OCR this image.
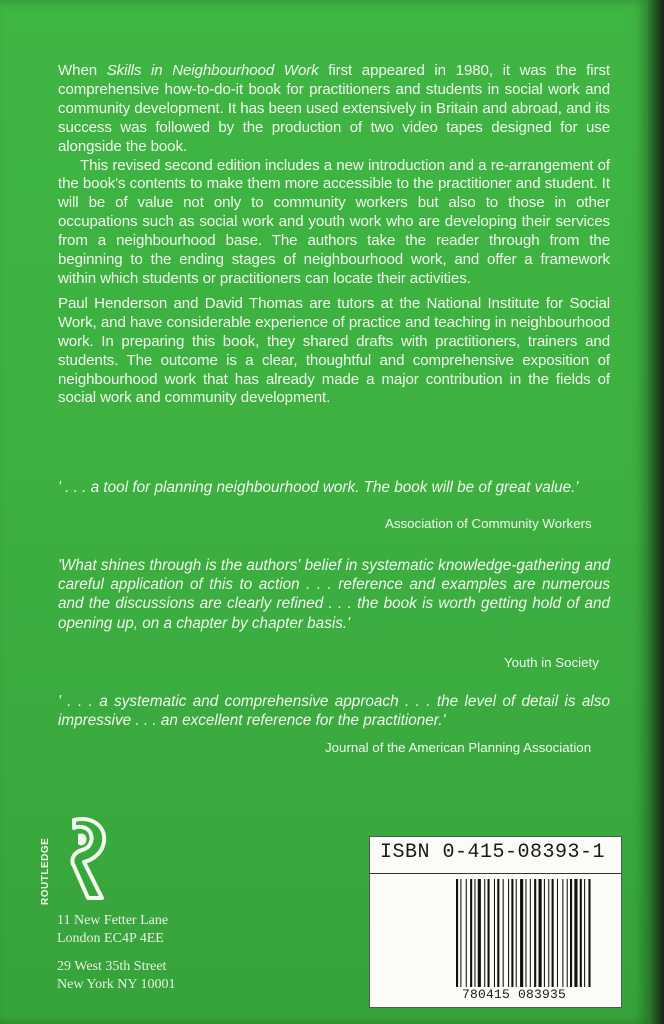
When Skills in Neighbourhood Work first appeared in 1980, it was the first comprehensive how-to-do-it book for practitioners and students in social work and community development. It has been used extensively in Britain and abroad, and its success was followed by the production of two video tapes designed for use alongside the book.

This revised second edition includes a new introduction and a re-arrangement of the book's contents to make them more accessible to the practitioner and student. It will be of value not only to community workers but also to those in other occupations such as social work and youth work who are developing their services from a neighbourhood base. The authors take the reader through from the beginning to the ending stages of neighbourhood work, and offer a framework within which students or practitioners can locate their activities.

Paul Henderson and David Thomas are tutors at the National Institute for Social Work, and have considerable experience of practice and teaching in neighbourhood work. In preparing this book, they shared drafts with practitioners, trainers and students. The outcome is a clear, thoughtful and comprehensive exposition of neighbourhood work that has already made a major contribution in the fields of social work and community development.

' . . . a tool for planning neighbourhood work. The book will be of great value.'
Association of Community Workers
'What shines through is the authors' belief in systematic knowledge-gathering and careful application of this to action . . . reference and examples are numerous and the discussions are clearly refined . . . the book is worth getting hold of and opening up, on a chapter by chapter basis.'
Youth in Society
' . . . a systematic and comprehensive approach . . . the level of detail is also impressive . . . an excellent reference for the practitioner.'
Journal of the American Planning Association
ROUTLEDGE
11 New Fetter Lane
London EC4P 4EE
29 West 35th Street
New York NY 10001
ISBN 0-415-08393-1
780415 083935
